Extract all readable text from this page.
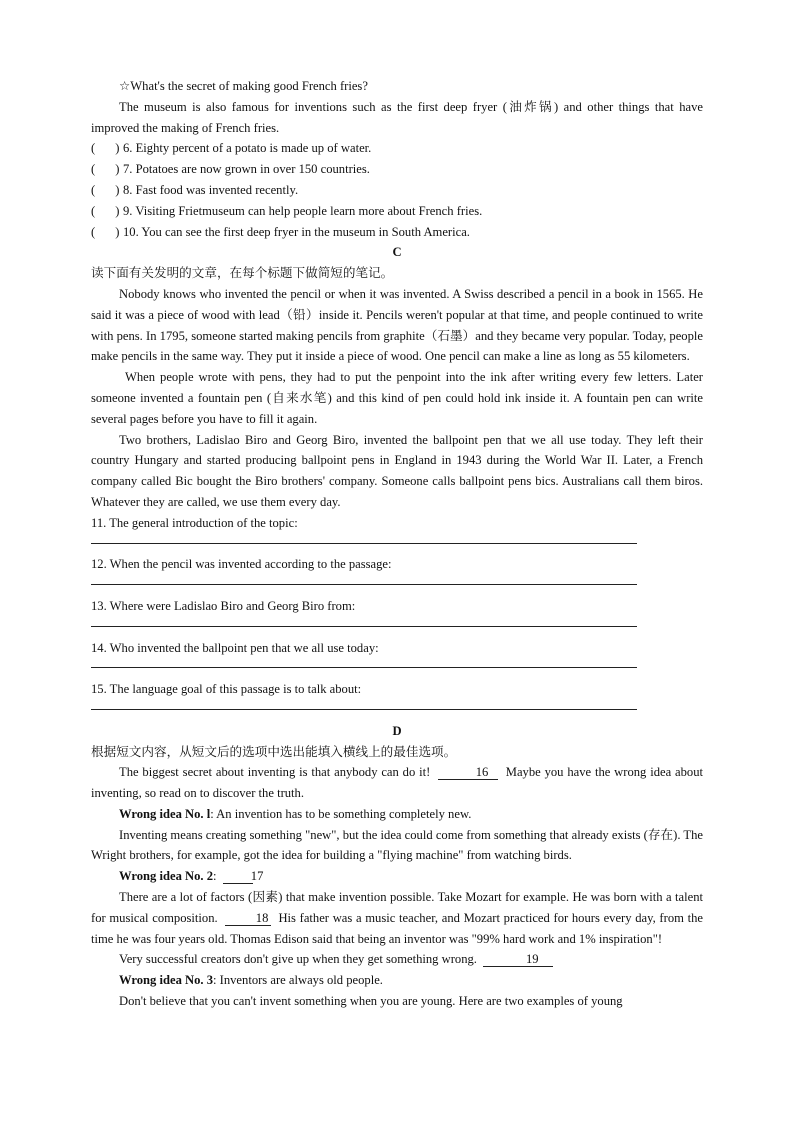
☆What's the secret of making good French fries?

The museum is also famous for inventions such as the first deep fryer (油炸锅) and other things that have improved the making of French fries.

( ) 6. Eighty percent of a potato is made up of water.
( ) 7. Potatoes are now grown in over 150 countries.
( ) 8. Fast food was invented recently.
( ) 9. Visiting Frietmuseum can help people learn more about French fries.
( ) 10. You can see the first deep fryer in the museum in South America.
C
读下面有关发明的文章，在每个标题下做简短的笔记。

Nobody knows who invented the pencil or when it was invented. A Swiss described a pencil in a book in 1565. He said it was a piece of wood with lead（铅）inside it. Pencils weren't popular at that time, and people continued to write with pens. In 1795, someone started making pencils from graphite（石墨）and they became very popular. Today, people make pencils in the same way. They put it inside a piece of wood. One pencil can make a line as long as 55 kilometers.

When people wrote with pens, they had to put the penpoint into the ink after writing every few letters. Later someone invented a fountain pen (自来水笔) and this kind of pen could hold ink inside it. A fountain pen can write several pages before you have to fill it again.

Two brothers, Ladislao Biro and Georg Biro, invented the ballpoint pen that we all use today. They left their country Hungary and started producing ballpoint pens in England in 1943 during the World War II. Later, a French company called Bic bought the Biro brothers' company. Someone calls ballpoint pens bics. Australians call them biros. Whatever they are called, we use them every day.

11. The general introduction of the topic:
12. When the pencil was invented according to the passage:
13. Where were Ladislao Biro and Georg Biro from:
14. Who invented the ballpoint pen that we all use today:
15. The language goal of this passage is to talk about:
D
根据短文内容，从短文后的选项中选出能填入横线上的最佳选项。

The biggest secret about inventing is that anybody can do it!	16 Maybe you have the wrong idea about inventing, so read on to discover the truth.

Wrong idea No. l: An invention has to be something completely new.

Inventing means creating something "new", but the idea could come from something that already exists (存在). The Wright brothers, for example, got the idea for building a "flying machine" from watching birds.

Wrong idea No. 2:	17

There are a lot of factors (因素) that make invention possible. Take Mozart for example. He was born with a talent for musical composition.	18 His father was a music teacher, and Mozart practiced for hours every day, from the time he was four years old. Thomas Edison said that being an inventor was "99% hard work and 1% inspiration"!

Very successful creators don't give up when they get something wrong.	19
Wrong idea No. 3: Inventors are always old people.

Don't believe that you can't invent something when you are young. Here are two examples of young
